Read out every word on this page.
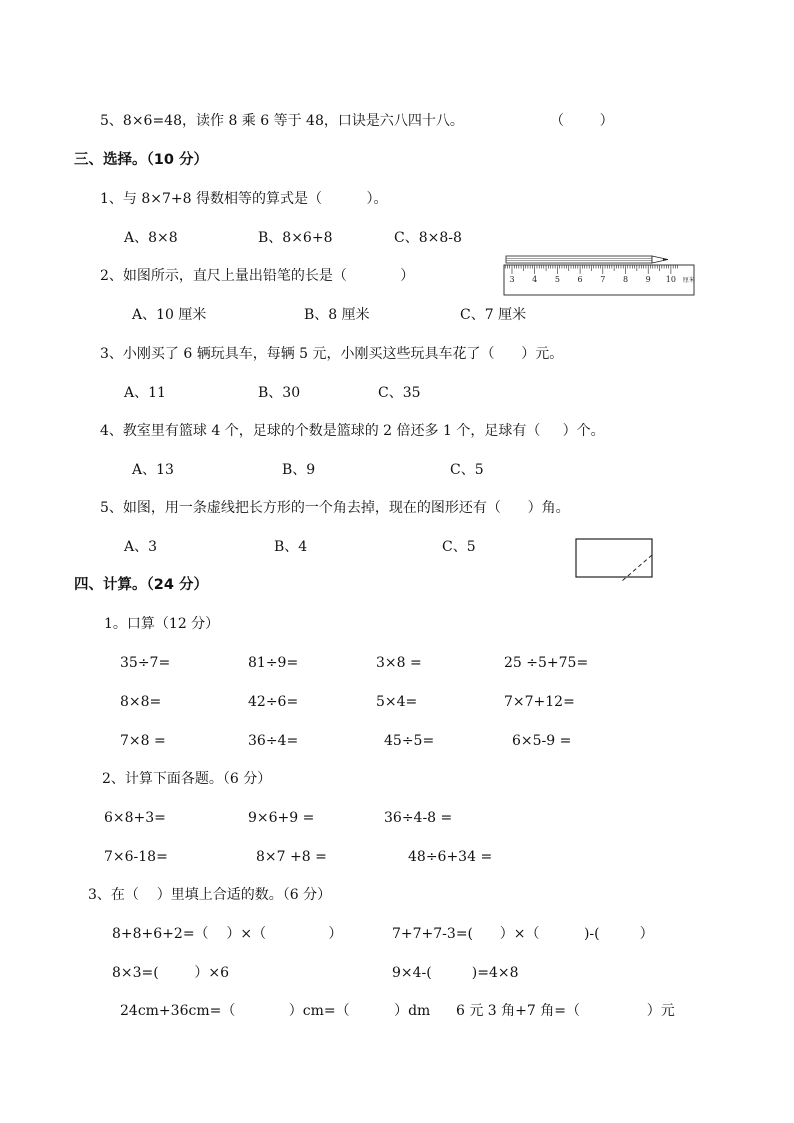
5、8×6=48，读作 8 乘 6 等于 48，口诀是六八四十八。	（        ）
三、选择。（10 分）
1、与 8×7+8 得数相等的算式是（          ）。
A、8×8	B、8×6+8	C、8×8-8
2、如图所示，直尺上量出铅笔的长是（            ）	3 4 5 6 7 8 9 10 厘米
A、10 厘米	B、8 厘米	C、7 厘米
3、小刚买了 6 辆玩具车，每辆 5 元，小刚买这些玩具车花了（      ）元。
A、11	B、30	C、35
4、教室里有篮球 4 个，足球的个数是篮球的 2 倍还多 1 个，足球有（     ）个。
A、13	B、9	C、5
5、如图，用一条虚线把长方形的一个角去掉，现在的图形还有（      ）角。
A、3	B、4	C、5
四、计算。（24 分）
1。口算（12 分）
35÷7=	81÷9=	3×8 =	25 ÷5+75=
8×8=	42÷6=	5×4=	7×7+12=
7×8 =	36÷4=	45÷5=	6×5-9 =
2、计算下面各题。（6 分）
6×8+3=	9×6+9 =	36÷4-8 =
7×6-18=	8×7 +8 =	48÷6+34 =
3、在（    ）里填上合适的数。（6 分）
8+8+6+2=（    ）×（              ）	7+7+7-3=(      ）×（          )-(         ）
8×3=(        ）×6	9×4-(         )=4×8
24cm+36cm=（            ）cm=（          ）dm 6 元 3 角+7 角=（               ）元
